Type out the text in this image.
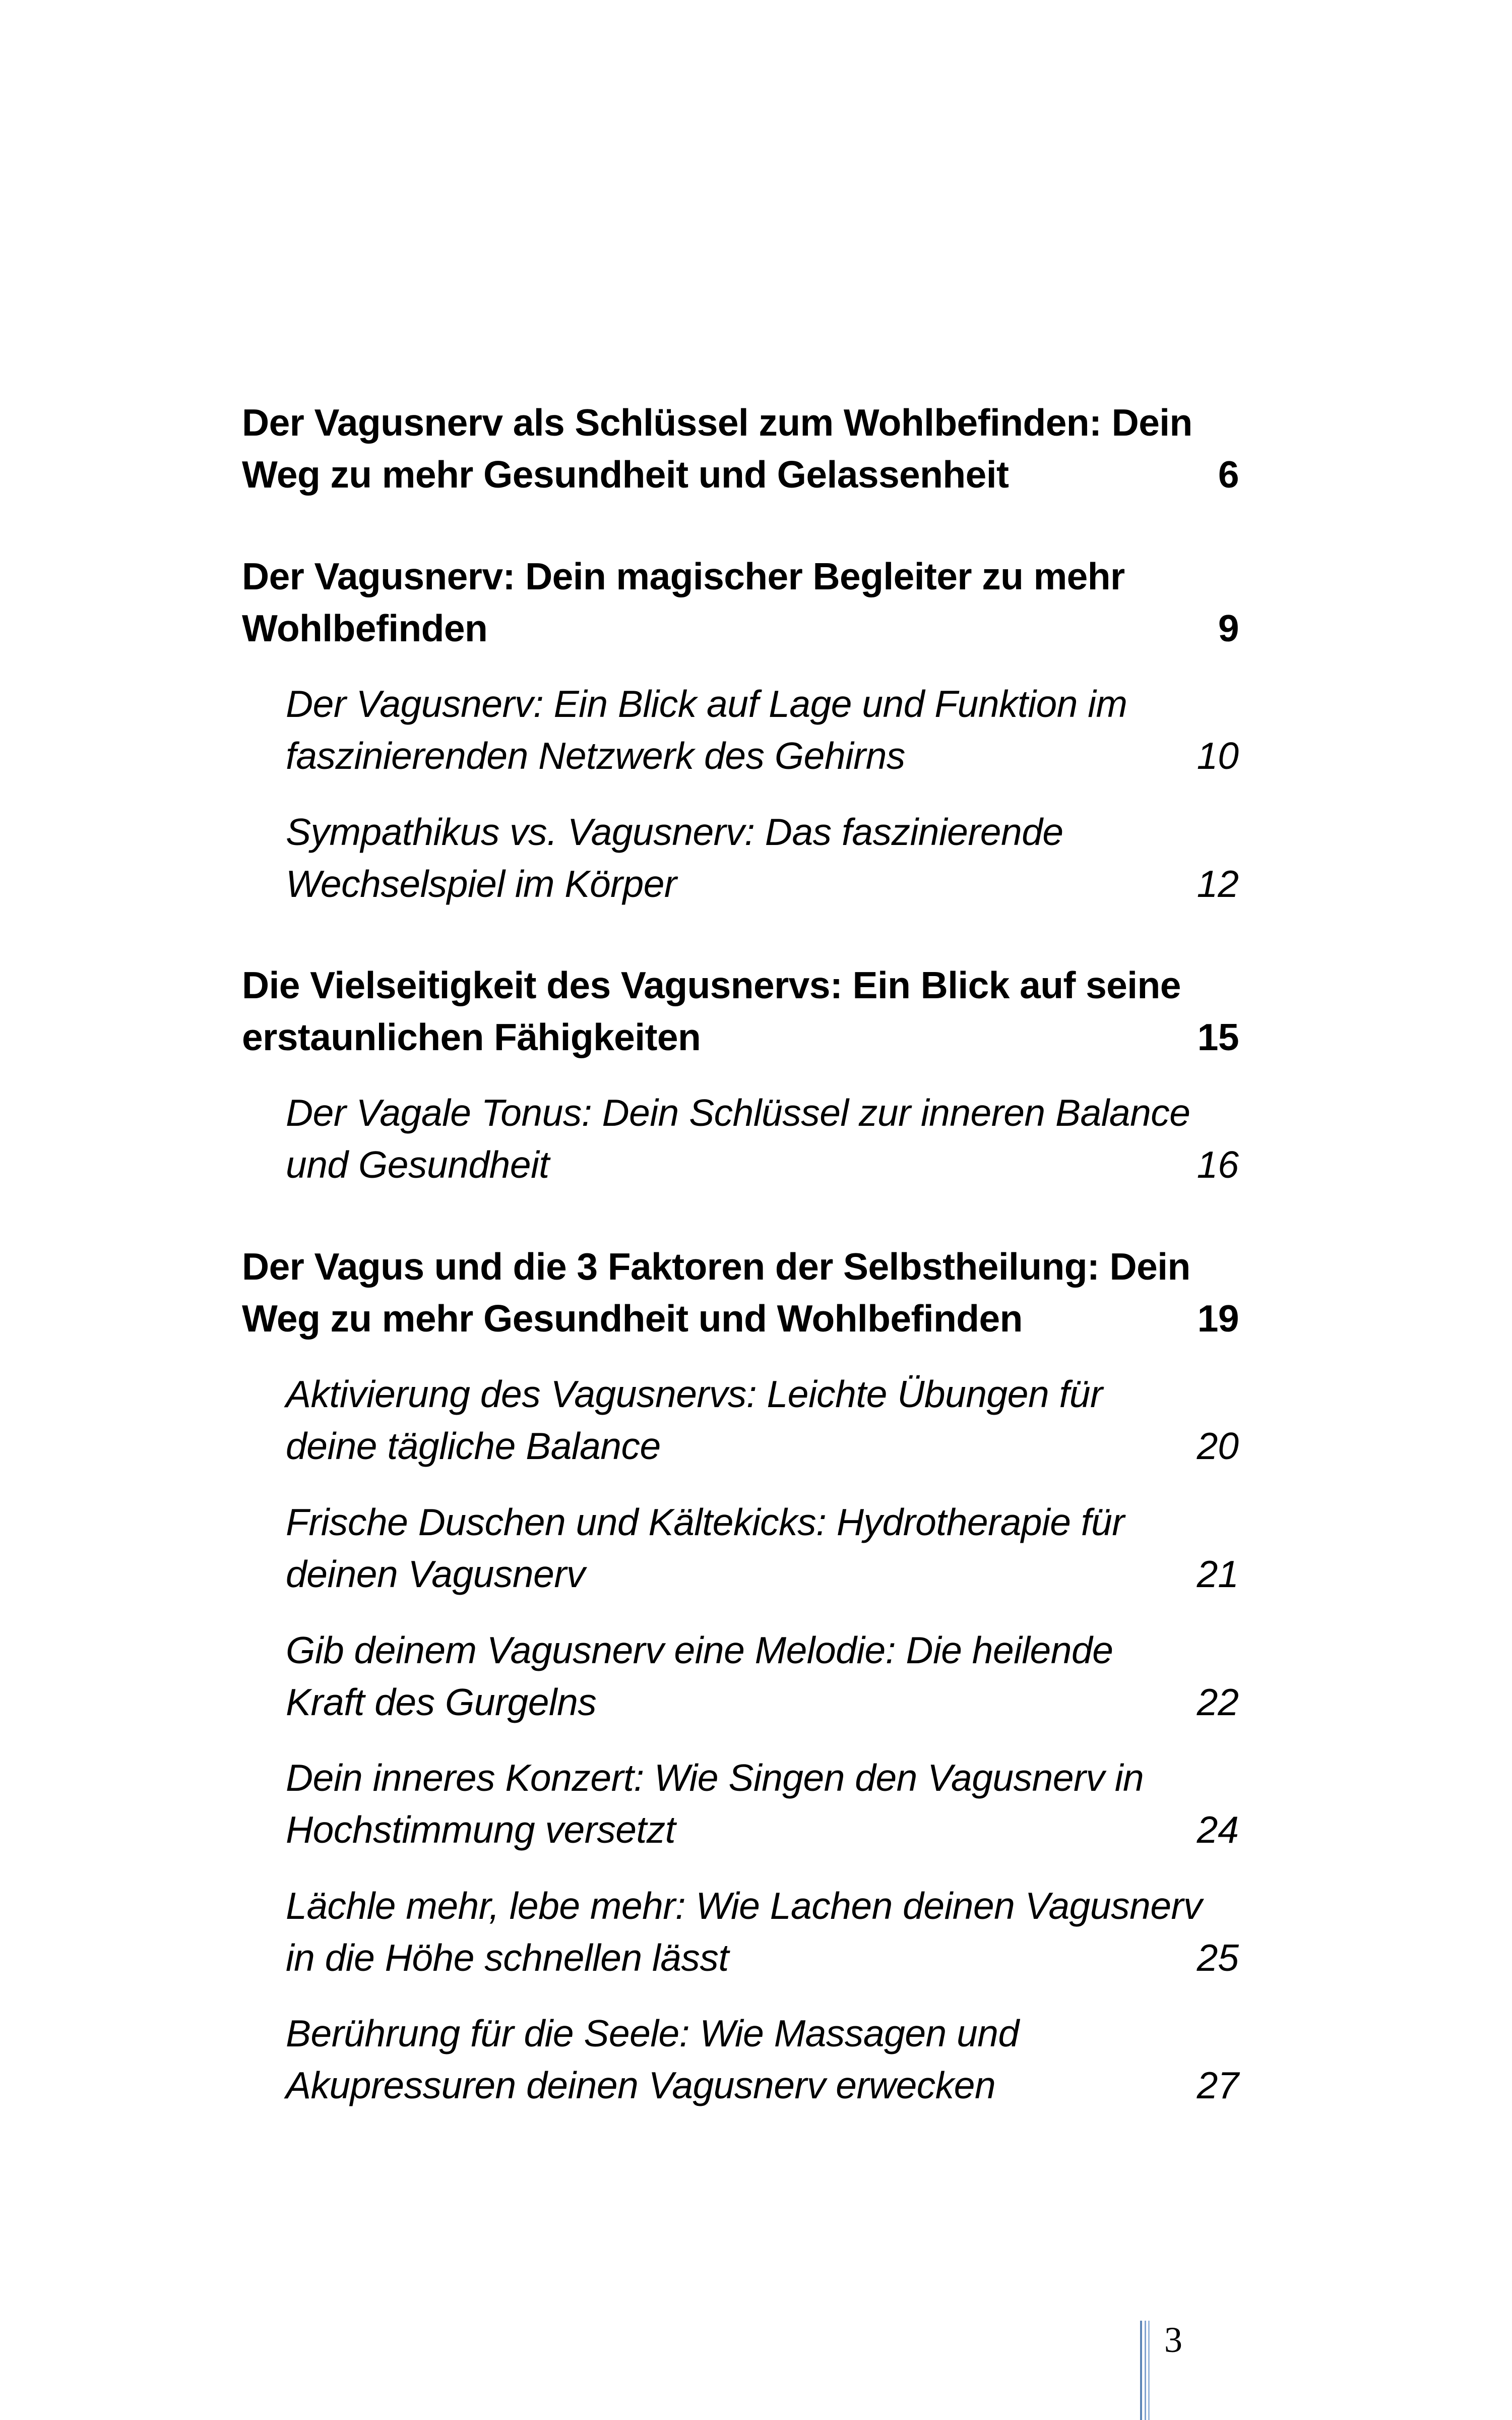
Der Vagusnerv als Schlüssel zum Wohlbefinden: Dein
Weg zu mehr Gesundheit und Gelassenheit	6
Der Vagusnerv: Dein magischer Begleiter zu mehr
Wohlbefinden	9
Der Vagusnerv: Ein Blick auf Lage und Funktion im
faszinierenden Netzwerk des Gehirns	10
Sympathikus vs. Vagusnerv: Das faszinierende
Wechselspiel im Körper	12
Die Vielseitigkeit des Vagusnervs: Ein Blick auf seine
erstaunlichen Fähigkeiten	15
Der Vagale Tonus: Dein Schlüssel zur inneren Balance
und Gesundheit	16
Der Vagus und die 3 Faktoren der Selbstheilung: Dein
Weg zu mehr Gesundheit und Wohlbefinden	19
Aktivierung des Vagusnervs: Leichte Übungen für
deine tägliche Balance	20
Frische Duschen und Kältekicks: Hydrotherapie für
deinen Vagusnerv	21
Gib deinem Vagusnerv eine Melodie: Die heilende
Kraft des Gurgelns	22
Dein inneres Konzert: Wie Singen den Vagusnerv in
Hochstimmung versetzt	24
Lächle mehr, lebe mehr: Wie Lachen deinen Vagusnerv
in die Höhe schnellen lässt	25
Berührung für die Seele: Wie Massagen und
Akupressuren deinen Vagusnerv erwecken	27
3
